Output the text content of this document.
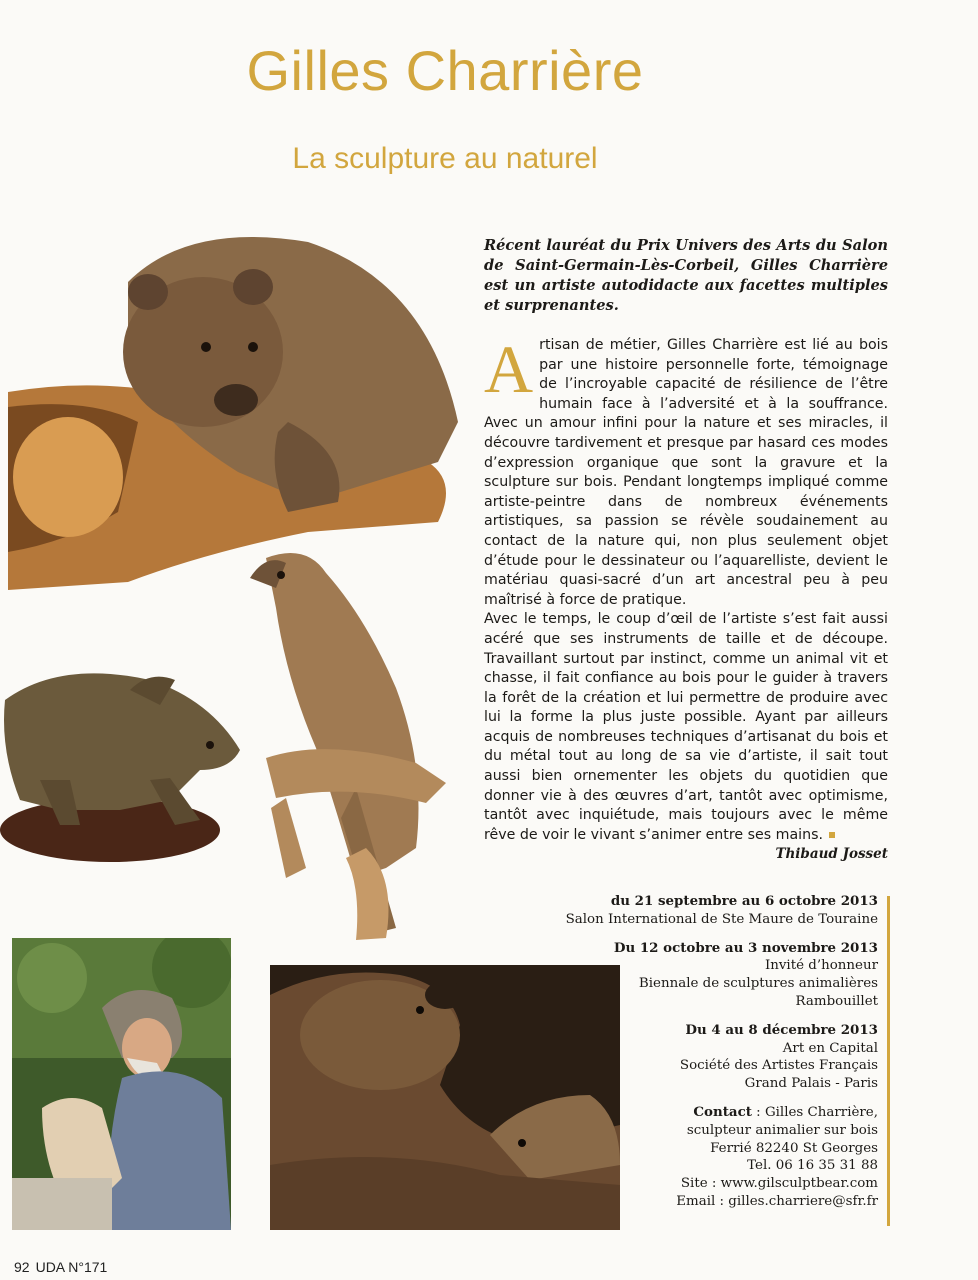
Gilles Charrière
La sculpture au naturel

Récent lauréat du Prix Univers des Arts du Salon de Saint-Germain-Lès-Corbeil, Gilles Charrière est un artiste autodidacte aux facettes multiples et surprenantes.

Artisan de métier, Gilles Charrière est lié au bois par une histoire personnelle forte, témoignage de l’incroyable capacité de résilience de l’être humain face à l’adversité et à la souffrance. Avec un amour infini pour la nature et ses miracles, il découvre tardivement et presque par hasard ces modes d’expression organique que sont la gravure et la sculpture sur bois. Pendant longtemps impliqué comme artiste-peintre dans de nombreux événements artistiques, sa passion se révèle soudainement au contact de la nature qui, non plus seulement objet d’étude pour le dessinateur ou l’aquarelliste, devient le matériau quasi-sacré d’un art ancestral peu à peu maîtrisé à force de pratique.

Avec le temps, le coup d’œil de l’artiste s’est fait aussi acéré que ses instruments de taille et de découpe. Travaillant surtout par instinct, comme un animal vit et chasse, il fait confiance au bois pour le guider à travers la forêt de la création et lui permettre de produire avec lui la forme la plus juste possible. Ayant par ailleurs acquis de nombreuses techniques d’artisanat du bois et du métal tout au long de sa vie d’artiste, il sait tout aussi bien ornementer les objets du quotidien que donner vie à des œuvres d’art, tantôt avec optimisme, tantôt avec inquiétude, mais toujours avec le même rêve de voir le vivant s’animer entre ses mains.
Thibaud Josset

du 21 septembre au 6 octobre 2013
Salon International de Ste Maure de Touraine
Du 12 octobre au 3 novembre 2013
Invité d’honneur
Biennale de sculptures animalières
Rambouillet
Du 4 au 8 décembre 2013
Art en Capital
Société des Artistes Français
Grand Palais - Paris
Contact : Gilles Charrière,
sculpteur animalier sur bois
Ferrié 82240 St Georges
Tel. 06 16 35 31 88
Site : www.gilsculptbear.com
Email : gilles.charriere@sfr.fr
92 UDA N°171
